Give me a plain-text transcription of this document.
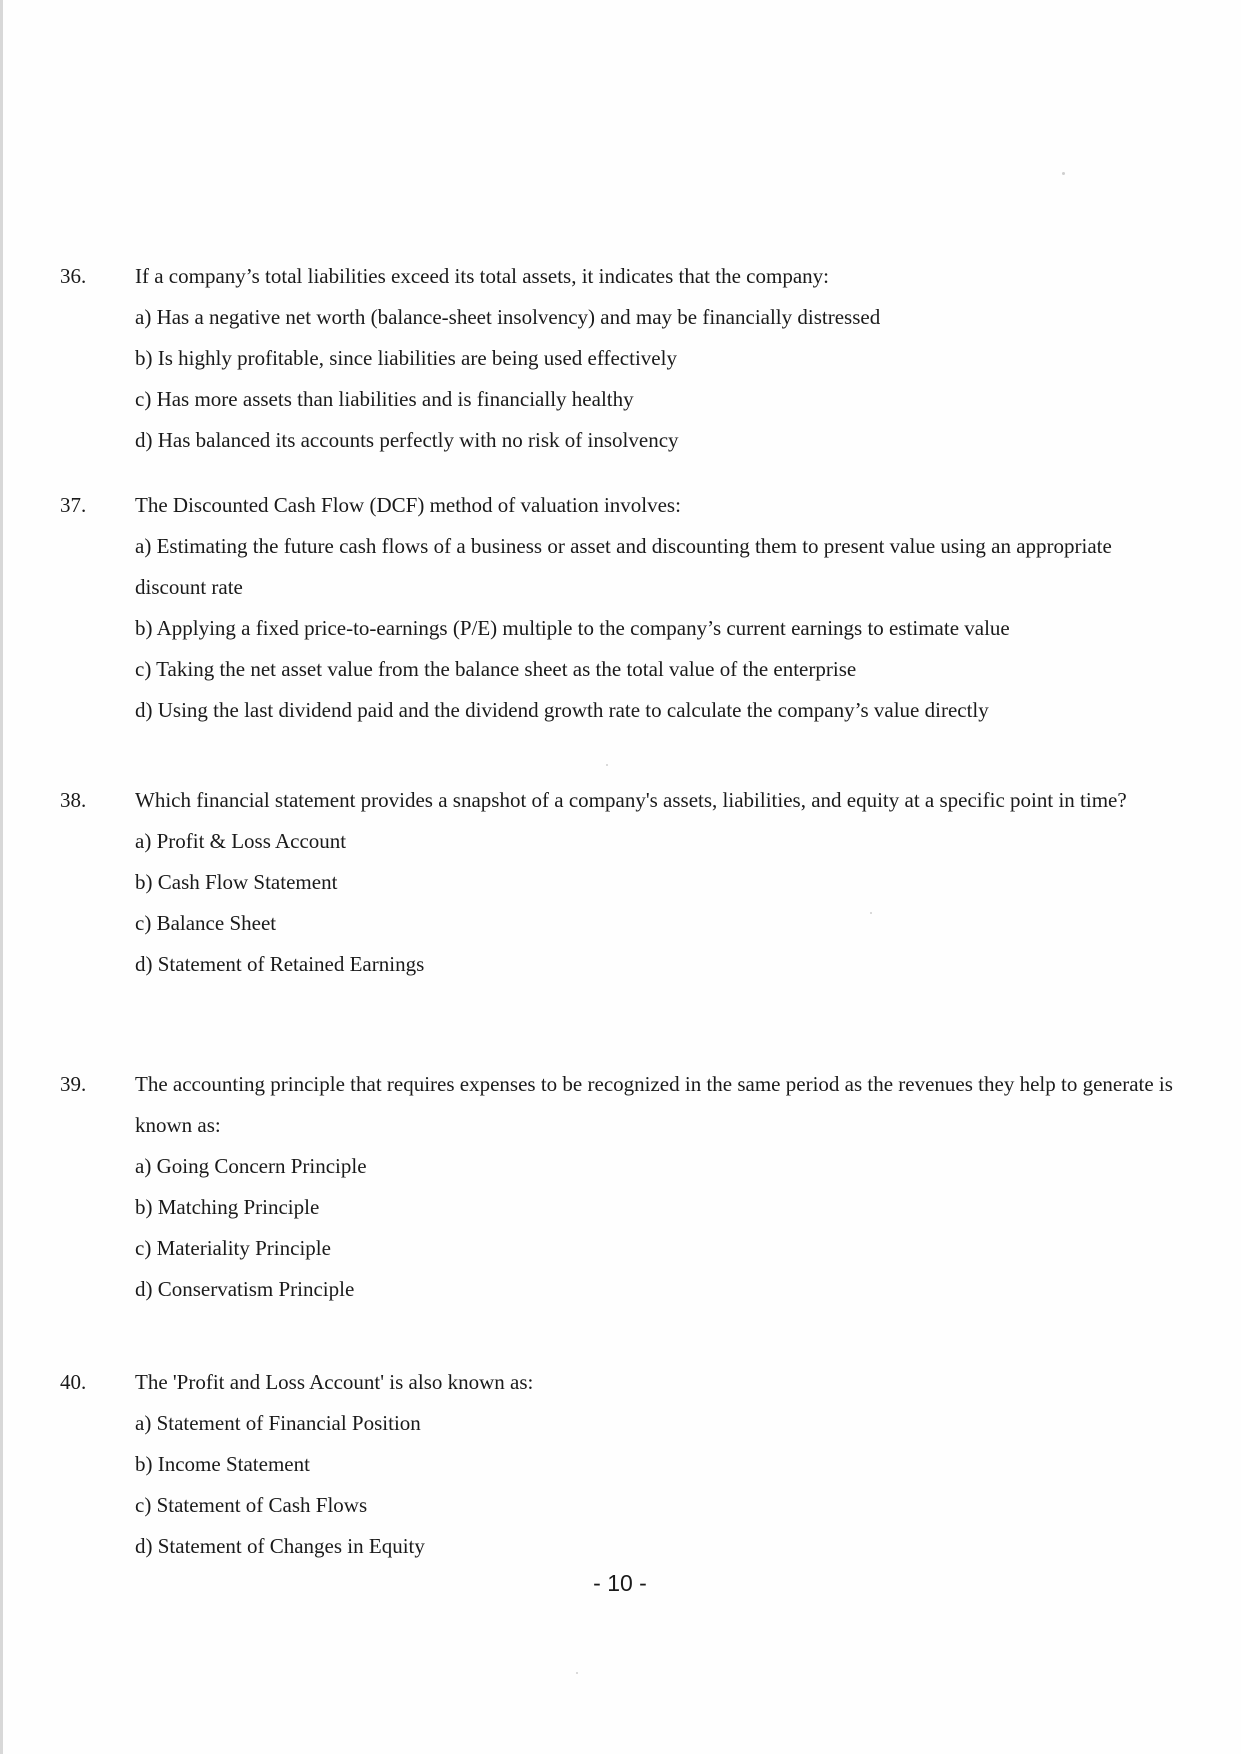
36. If a company’s total liabilities exceed its total assets, it indicates that the company:
a) Has a negative net worth (balance-sheet insolvency) and may be financially distressed
b) Is highly profitable, since liabilities are being used effectively
c) Has more assets than liabilities and is financially healthy
d) Has balanced its accounts perfectly with no risk of insolvency
37. The Discounted Cash Flow (DCF) method of valuation involves:
a) Estimating the future cash flows of a business or asset and discounting them to present value using an appropriate discount rate
b) Applying a fixed price-to-earnings (P/E) multiple to the company’s current earnings to estimate value
c) Taking the net asset value from the balance sheet as the total value of the enterprise
d) Using the last dividend paid and the dividend growth rate to calculate the company’s value directly
38. Which financial statement provides a snapshot of a company's assets, liabilities, and equity at a specific point in time?
a) Profit & Loss Account
b) Cash Flow Statement
c) Balance Sheet
d) Statement of Retained Earnings
39. The accounting principle that requires expenses to be recognized in the same period as the revenues they help to generate is known as:
a) Going Concern Principle
b) Matching Principle
c) Materiality Principle
d) Conservatism Principle
40. The 'Profit and Loss Account' is also known as:
a) Statement of Financial Position
b) Income Statement
c) Statement of Cash Flows
d) Statement of Changes in Equity
- 10 -
